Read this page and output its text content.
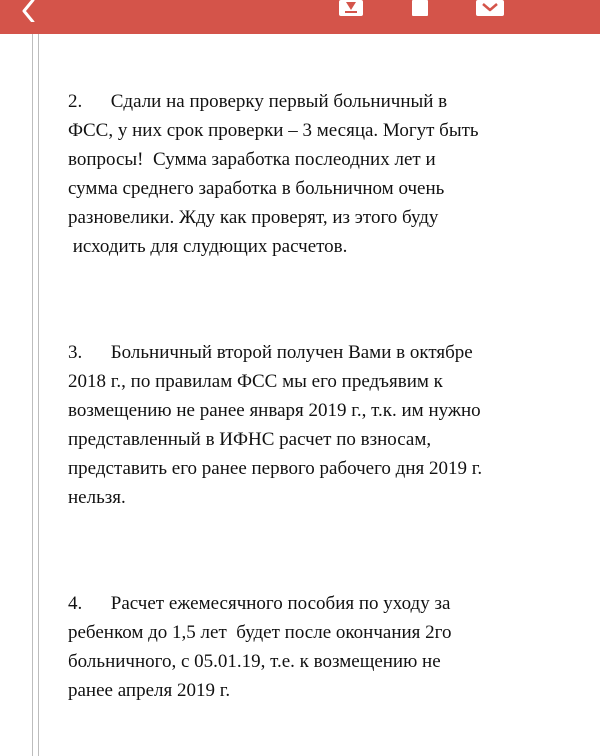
2.      Сдали на проверку первый больничный в
ФСС, у них срок проверки – 3 месяца. Могут быть
вопросы!  Сумма заработка послеодних лет и
сумма среднего заработка в больничном очень
разновелики. Жду как проверят, из этого буду
исходить для слудющих расчетов.
3.      Больничный второй получен Вами в октябре
2018 г., по правилам ФСС мы его предъявим к
возмещению не ранее января 2019 г., т.к. им нужно
представленный в ИФНС расчет по взносам,
представить его ранее первого рабочего дня 2019 г.
нельзя.
4.      Расчет ежемесячного пособия по уходу за
ребенком до 1,5 лет  будет после окончания 2го
больничного, с 05.01.19, т.е. к возмещению не
ранее апреля 2019 г.
